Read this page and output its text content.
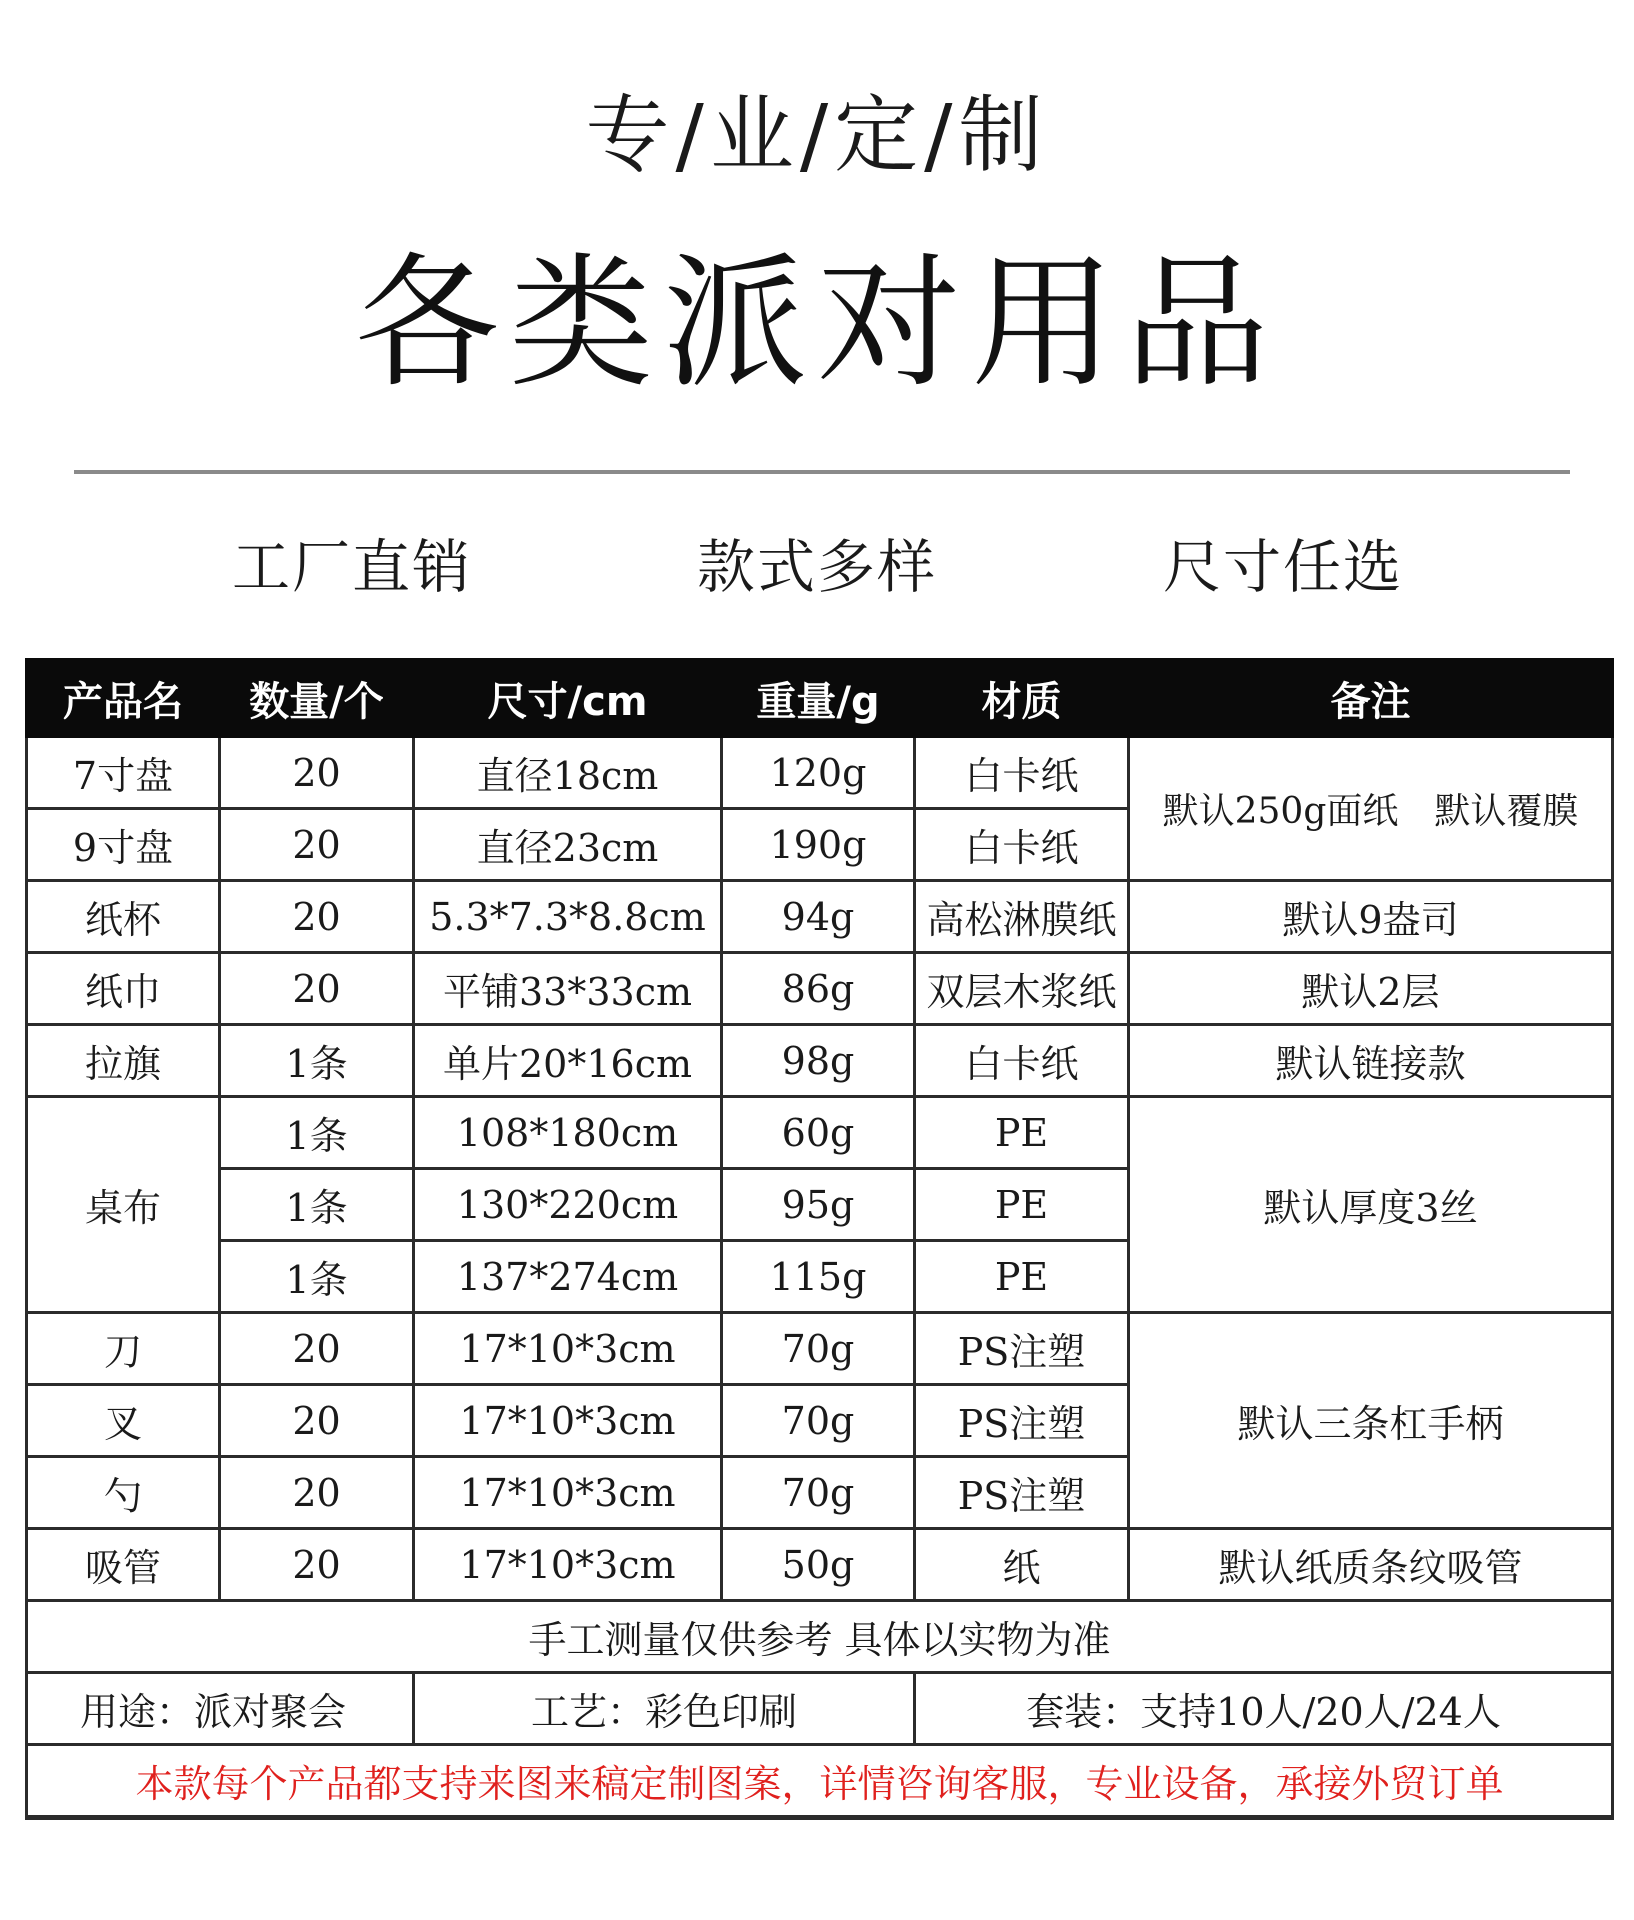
专/业/定/制
各类派对用品
工厂直销	款式多样	尺寸任选
产品名	数量/个	尺寸/cm	重量/g	材质	备注
7寸盘	20	直径18cm	120g	白卡纸	默认250g面纸　默认覆膜
9寸盘	20	直径23cm	190g	白卡纸	
纸杯	20	5.3*7.3*8.8cm	94g	高松淋膜纸	默认9盎司
纸巾	20	平铺33*33cm	86g	双层木浆纸	默认2层
拉旗	1条	单片20*16cm	98g	白卡纸	默认链接款
桌布	1条	108*180cm	60g	PE	默认厚度3丝
	1条	130*220cm	95g	PE	
	1条	137*274cm	115g	PE	
刀	20	17*10*3cm	70g	PS注塑	默认三条杠手柄
叉	20	17*10*3cm	70g	PS注塑	
勺	20	17*10*3cm	70g	PS注塑	
吸管	20	17*10*3cm	50g	纸	默认纸质条纹吸管
手工测量仅供参考 具体以实物为准					
用途：派对聚会		工艺：彩色印刷		套装：支持10人/20人/24人	
本款每个产品都支持来图来稿定制图案，详情咨询客服，专业设备，承接外贸订单					
